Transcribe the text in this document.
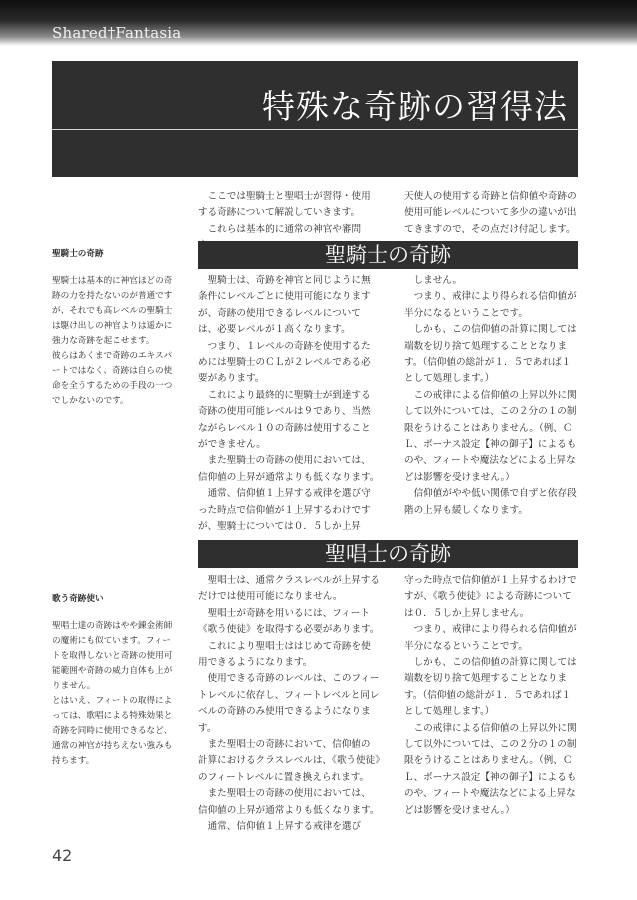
Shared†Fantasia
特殊な奇跡の習得法

ここでは聖騎士と聖唱士が習得・使用する奇跡について解説していきます。

これらは基本的に通常の神官や審問

天使人の使用する奇跡と信仰値や奇跡の使用可能レベルについて多少の違いが出てきますので、その点だけ付記します。

聖騎士の奇跡

聖騎士は基本的に神官ほどの奇跡の力を持たないのが普通ですが、それでも高レベルの聖騎士は駆け出しの神官よりは遥かに強力な奇跡を起こせます。

彼らはあくまで奇跡のエキスパートではなく、奇跡は自らの使命を全うするための手段の一つでしかないのです。

歌う奇跡使い

聖唱士達の奇跡はやや錬金術師の魔術にも似ています。フィートを取得しないと奇跡の使用可能範囲や奇跡の威力自体も上がりません。

とはいえ、フィートの取得によっては、歌唱による特殊効果と奇跡を同時に使用できるなど、通常の神官が持ちえない強みも持ちます。

聖騎士の奇跡

聖騎士は、奇跡を神官と同じように無条件にレベルごとに使用可能になりますが、奇跡の使用できるレベルについては、必要レベルが１高くなります。

つまり、１レベルの奇跡を使用するためには聖騎士のＣＬが２レベルである必要があります。

これにより最終的に聖騎士が到達する奇跡の使用可能レベルは９であり、当然ながらレベル１０の奇跡は使用することができません。

また聖騎士の奇跡の使用においては、信仰値の上昇が通常よりも低くなります。

通常、信仰値１上昇する戒律を選び守った時点で信仰値が１上昇するわけですが、聖騎士については０．５しか上昇

しません。

つまり、戒律により得られる信仰値が半分になるということです。

しかも、この信仰値の計算に関しては端数を切り捨て処理することとなります。（信仰値の総計が１．５であれば１として処理します。）

この戒律による信仰値の上昇以外に関して以外については、この２分の１の制限をうけることはありません。（例、ＣＬ、ボーナス設定【神の御子】によるものや、フィートや魔法などによる上昇などは影響を受けません。）

信仰値がやや低い関係で自ずと依存段階の上昇も緩しくなります。

聖唱士の奇跡

聖唱士は、通常クラスレベルが上昇するだけでは使用可能になりません。

聖唱士が奇跡を用いるには、フィート《歌う使徒》を取得する必要があります。

これにより聖唱士ははじめて奇跡を使用できるようになります。

使用できる奇跡のレベルは、このフィートレベルに依存し、フィートレベルと同レベルの奇跡のみ使用できるようになります。

また聖唱士の奇跡において、信仰値の計算におけるクラスレベルは、《歌う使徒》のフィートレベルに置き換えられます。

また聖唱士の奇跡の使用においては、信仰値の上昇が通常よりも低くなります。

通常、信仰値１上昇する戒律を選び

守った時点で信仰値が１上昇するわけですが、《歌う使徒》による奇跡については０．５しか上昇しません。

つまり、戒律により得られる信仰値が半分になるということです。

しかも、この信仰値の計算に関しては端数を切り捨て処理することとなります。（信仰値の総計が１．５であれば１として処理します。）

この戒律による信仰値の上昇以外に関して以外については、この２分の１の制限をうけることはありません。（例、ＣＬ、ボーナス設定【神の御子】によるものや、フィートや魔法などによる上昇などは影響を受けません。）

42
